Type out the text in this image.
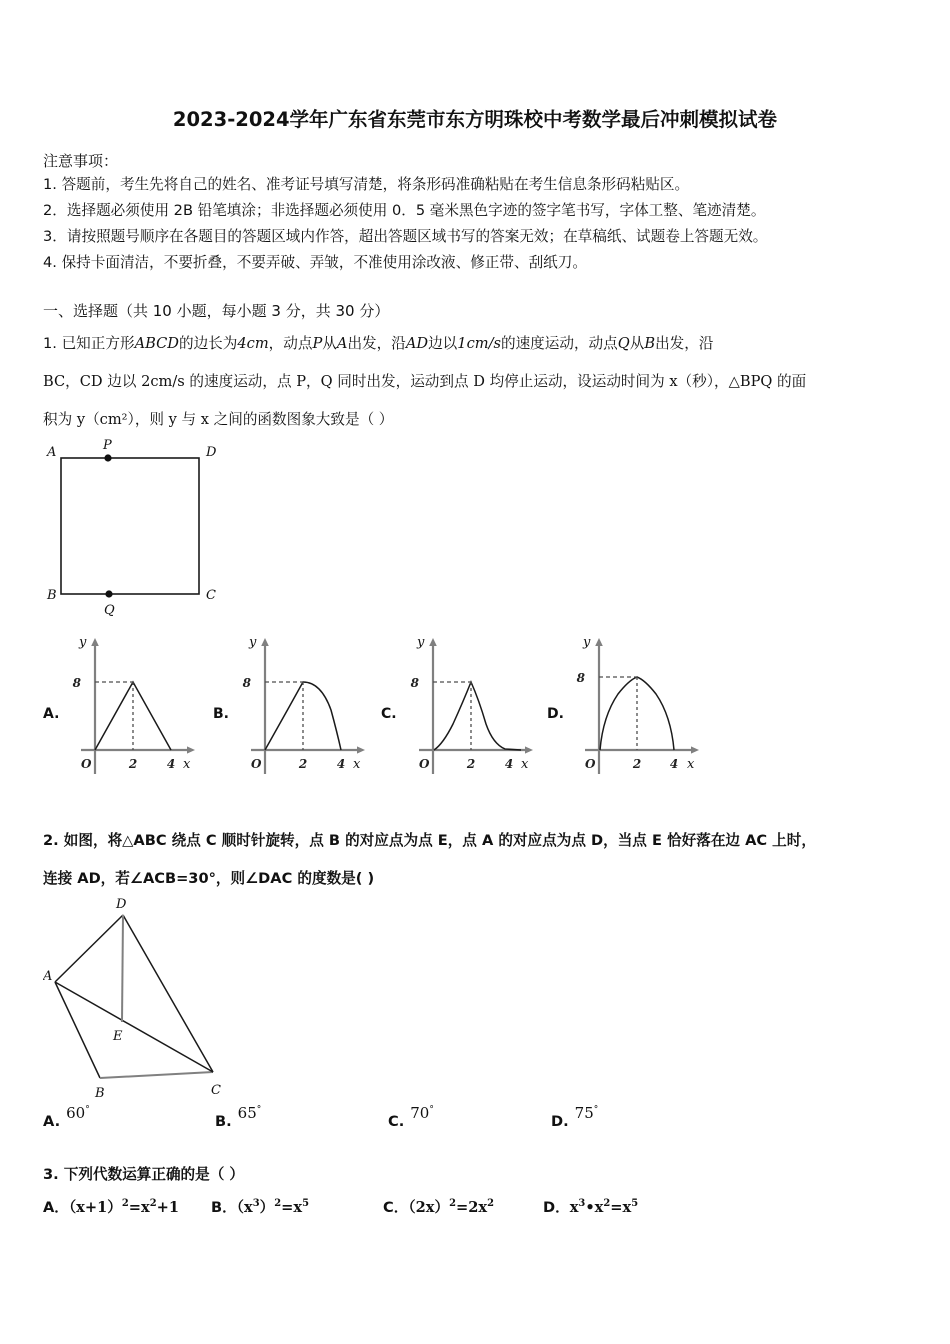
2023-2024学年广东省东莞市东方明珠校中考数学最后冲刺模拟试卷
注意事项：
1. 答题前，考生先将自己的姓名、准考证号填写清楚，将条形码准确粘贴在考生信息条形码粘贴区。
2．选择题必须使用 2B 铅笔填涂；非选择题必须使用 0．5 毫米黑色字迹的签字笔书写，字体工整、笔迹清楚。
3．请按照题号顺序在各题目的答题区域内作答，超出答题区域书写的答案无效；在草稿纸、试题卷上答题无效。
4. 保持卡面清洁，不要折叠，不要弄破、弄皱，不准使用涂改液、修正带、刮纸刀。
一、选择题（共 10 小题，每小题 3 分，共 30 分）
1. 已知正方形ABCD的边长为4cm，动点P从A出发，沿AD边以1cm/s的速度运动，动点Q从B出发，沿
BC，CD 边以 2cm/s 的速度运动，点 P，Q 同时出发，运动到点 D 均停止运动，设运动时间为 x（秒），△BPQ 的面
积为 y（cm²），则 y 与 x 之间的函数图象大致是（ ）
A	D
B	C
P
Q
A.
y
x
8
O	2 4
B.
y
x
8
O	2 4
C.
y
x
8
O	2 4
D.
y
x
8
O	2 4
2. 如图，将△ABC 绕点 C 顺时针旋转，点 B 的对应点为点 E，点 A 的对应点为点 D，当点 E 恰好落在边 AC 上时，
连接 AD，若∠ACB=30°，则∠DAC 的度数是( )
A
B	C
D
E
A. 60°
B. 65°
C. 70°
D. 75°
3. 下列代数运算正确的是（ ）
A．$(x+1)^2=x^2+1$ B．$(x^3)^2=x^5$	C．$(2x)^2=2x^2$	D．$x^3•x^2=x^5$
